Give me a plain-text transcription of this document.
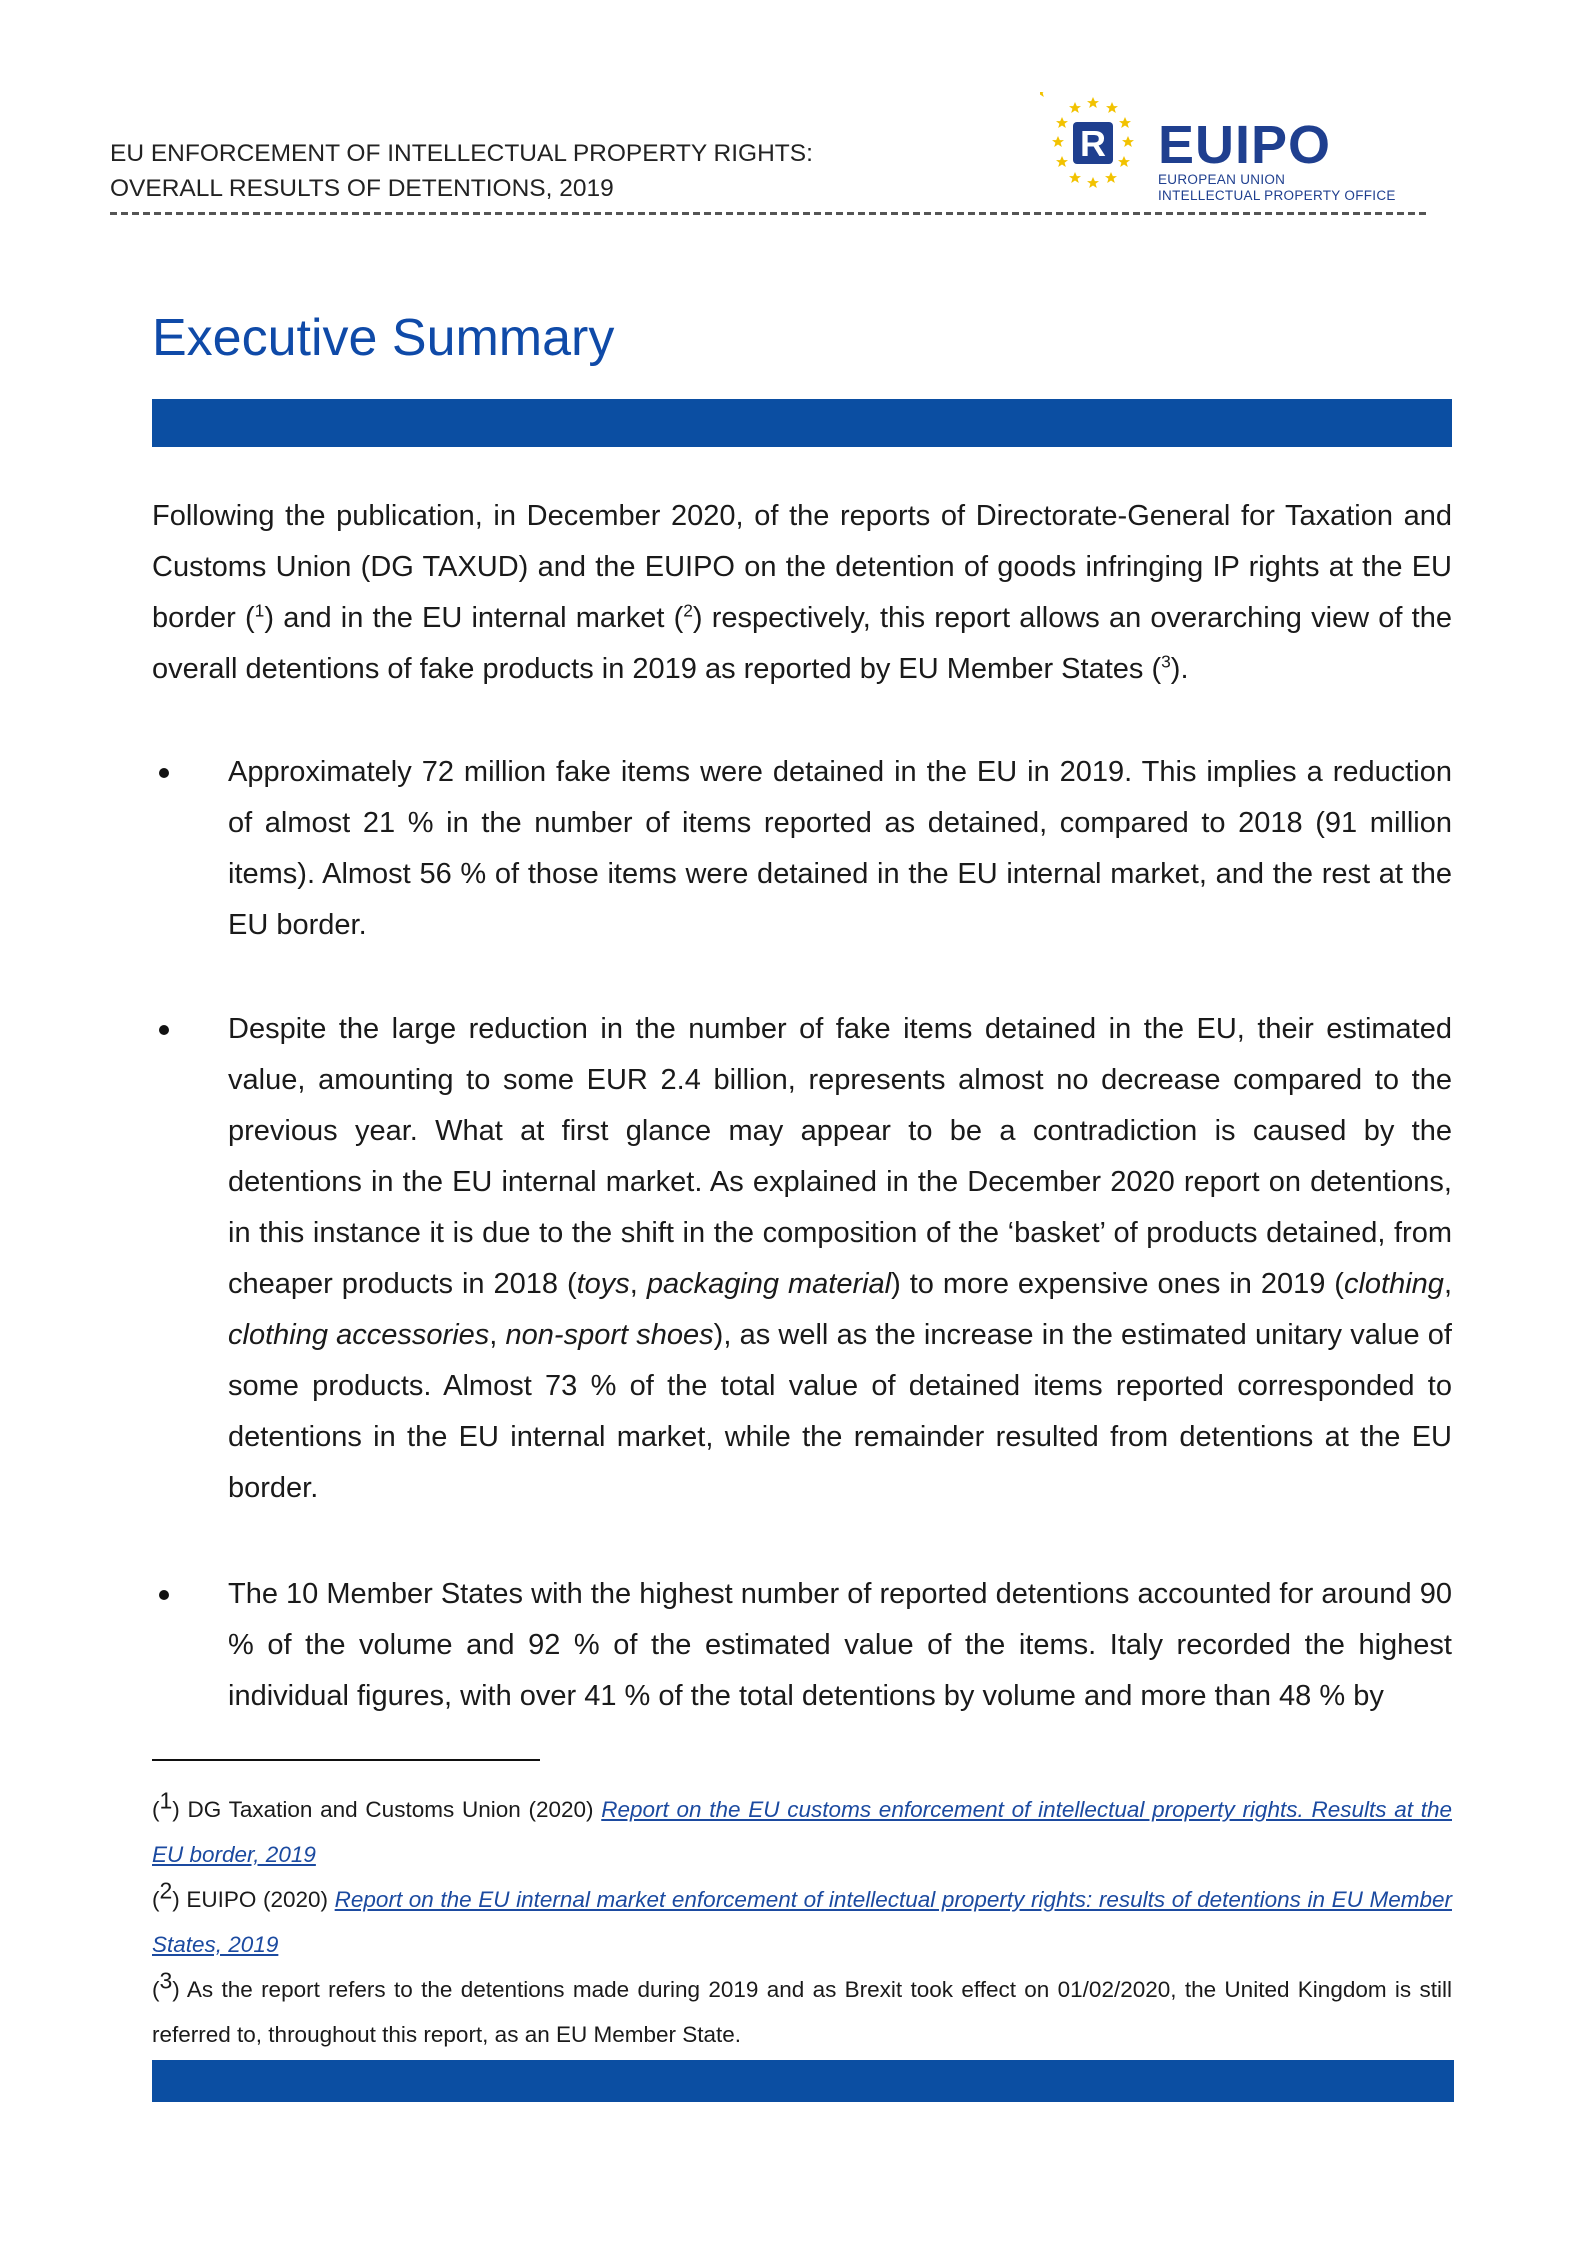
EU ENFORCEMENT OF INTELLECTUAL PROPERTY RIGHTS:
OVERALL RESULTS OF DETENTIONS, 2019
R EUIPO
EUROPEAN UNION
INTELLECTUAL PROPERTY OFFICE
Executive Summary
Following the publication, in December 2020, of the reports of Directorate-General for Taxation and Customs Union (DG TAXUD) and the EUIPO on the detention of goods infringing IP rights at the EU border ($^1$) and in the EU internal market ($^2$) respectively, this report allows an overarching view of the overall detentions of fake products in 2019 as reported by EU Member States ($^3$).
Approximately 72 million fake items were detained in the EU in 2019. This implies a reduction of almost 21 % in the number of items reported as detained, compared to 2018 (91 million items). Almost 56 % of those items were detained in the EU internal market, and the rest at the EU border.
Despite the large reduction in the number of fake items detained in the EU, their estimated value, amounting to some EUR 2.4 billion, represents almost no decrease compared to the previous year. What at first glance may appear to be a contradiction is caused by the detentions in the EU internal market. As explained in the December 2020 report on detentions, in this instance it is due to the shift in the composition of the ‘basket’ of products detained, from cheaper products in 2018 (toys, packaging material) to more expensive ones in 2019 (clothing, clothing accessories, non-sport shoes), as well as the increase in the estimated unitary value of some products. Almost 73 % of the total value of detained items reported corresponded to detentions in the EU internal market, while the remainder resulted from detentions at the EU border.
The 10 Member States with the highest number of reported detentions accounted for around 90 % of the volume and 92 % of the estimated value of the items. Italy recorded the highest individual figures, with over 41 % of the total detentions by volume and more than 48 % by

($^1$) DG Taxation and Customs Union (2020) Report on the EU customs enforcement of intellectual property rights. Results at the EU border, 2019

($^2$) EUIPO (2020) Report on the EU internal market enforcement of intellectual property rights: results of detentions in EU Member States, 2019

($^3$) As the report refers to the detentions made during 2019 and as Brexit took effect on 01/02/2020, the United Kingdom is still referred to, throughout this report, as an EU Member State.
